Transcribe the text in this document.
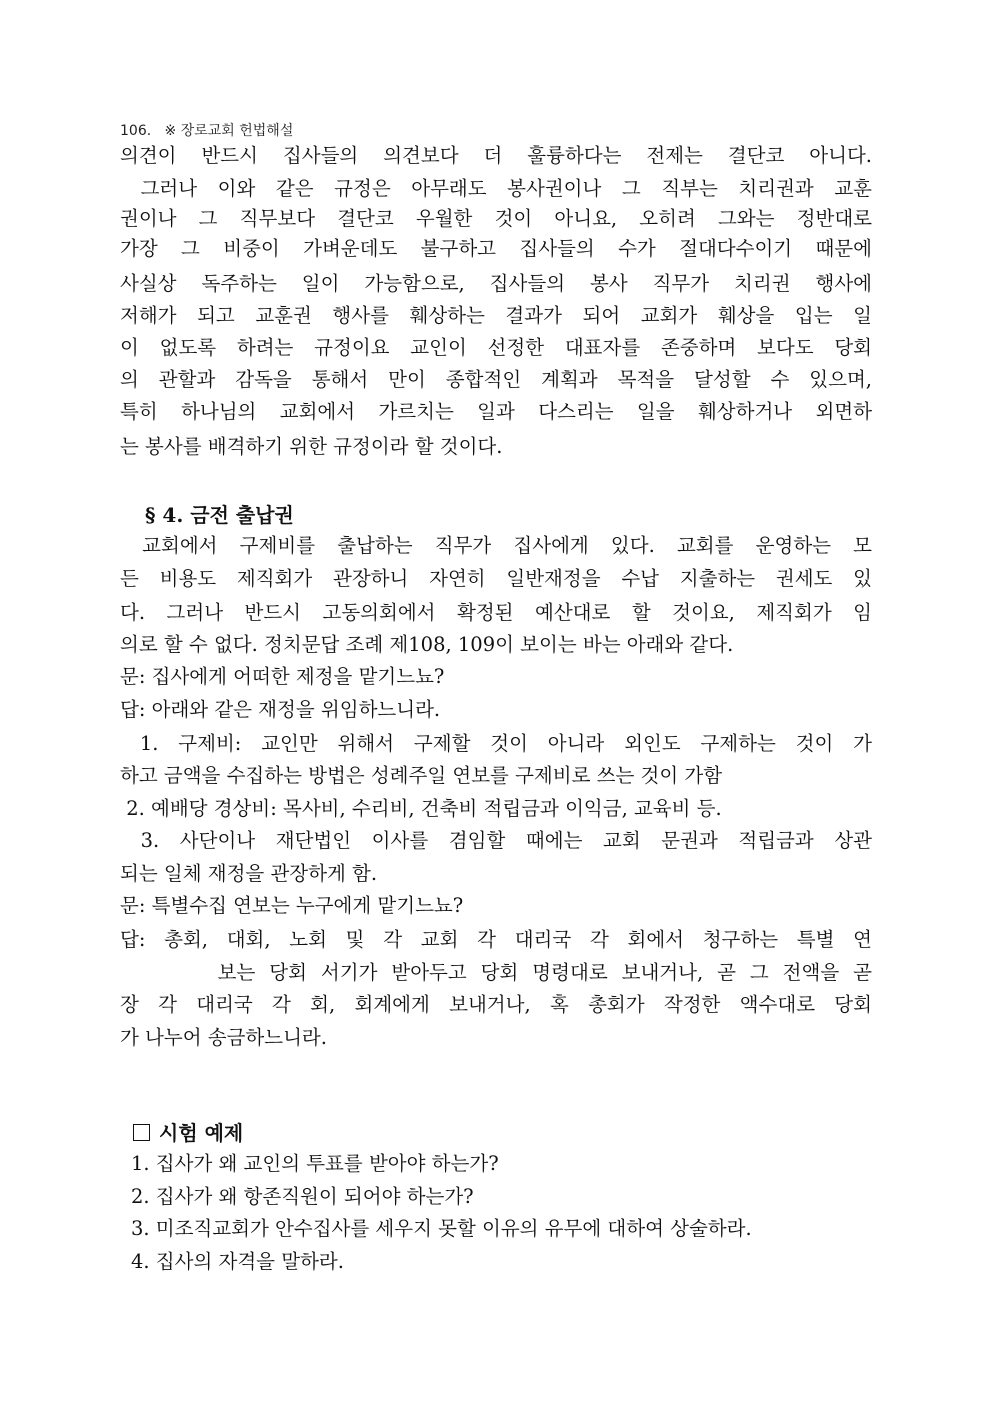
106. ※ 장로교회 헌법해설
의견이 반드시 집사들의 의견보다 더 훌륭하다는 전제는 결단코 아니다.
그러나 이와 같은 규정은 아무래도 봉사권이나 그 직부는 치리권과 교훈
권이나 그 직무보다 결단코 우월한 것이 아니요, 오히려 그와는 정반대로
가장 그 비중이 가벼운데도 불구하고 집사들의 수가 절대다수이기 때문에
사실상 독주하는 일이 가능함으로, 집사들의 봉사 직무가 치리권 행사에
저해가 되고 교훈권 행사를 훼상하는 결과가 되어 교회가 훼상을 입는 일
이 없도록 하려는 규정이요 교인이 선정한 대표자를 존중하며 보다도 당회
의 관할과 감독을 통해서 만이 종합적인 계획과 목적을 달성할 수 있으며,
특히 하나님의 교회에서 가르치는 일과 다스리는 일을 훼상하거나 외면하
는 봉사를 배격하기 위한 규정이라 할 것이다.
§ 4. 금전 출납권
교회에서 구제비를 출납하는 직무가 집사에게 있다. 교회를 운영하는 모
든 비용도 제직회가 관장하니 자연히 일반재정을 수납 지출하는 권세도 있
다. 그러나 반드시 고동의회에서 확정된 예산대로 할 것이요, 제직회가 임
의로 할 수 없다. 정치문답 조례 제108, 109이 보이는 바는 아래와 같다.
문: 집사에게 어떠한 제정을 맡기느뇨?
답: 아래와 같은 재정을 위임하느니라.
1. 구제비: 교인만 위해서 구제할 것이 아니라 외인도 구제하는 것이 가
하고 금액을 수집하는 방법은 성례주일 연보를 구제비로 쓰는 것이 가함
2. 예배당 경상비: 목사비, 수리비, 건축비 적립금과 이익금, 교육비 등.
3. 사단이나 재단법인 이사를 겸임할 때에는 교회 문권과 적립금과 상관
되는 일체 재정을 관장하게 함.
문: 특별수집 연보는 누구에게 맡기느뇨?
답: 총회, 대회, 노회 및 각 교회 각 대리국 각 회에서 청구하는 특별 연
보는 당회 서기가 받아두고 당회 명령대로 보내거나, 곧 그 전액을 곧
장 각 대리국 각 회, 회계에게 보내거나, 혹 총회가 작정한 액수대로 당회
가 나누어 송금하느니라.
시험 예제
1. 집사가 왜 교인의 투표를 받아야 하는가?
2. 집사가 왜 항존직원이 되어야 하는가?
3. 미조직교회가 안수집사를 세우지 못할 이유의 유무에 대하여 상술하라.
4. 집사의 자격을 말하라.
